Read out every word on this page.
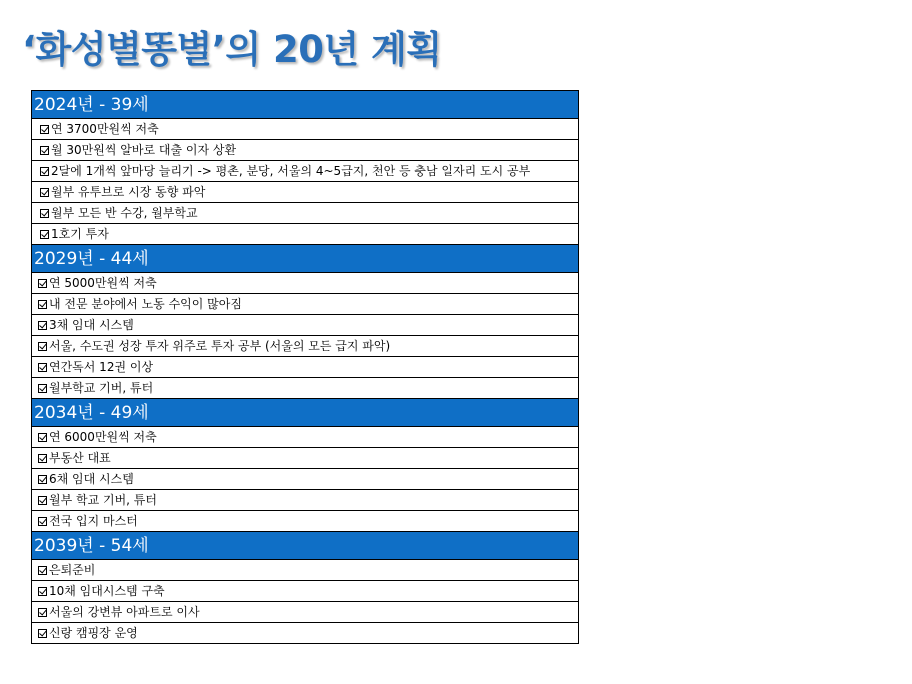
‘화성별똥별’의 20년 계획
2024년 - 39세
연 3700만원씩 저축
월 30만원씩 알바로 대출 이자 상환
2달에 1개씩 앞마당 늘리기 -> 평촌, 분당, 서울의 4~5급지, 천안 등 충남 일자리 도시 공부
월부 유투브로 시장 동향 파악
월부 모든 반 수강, 월부학교
1호기 투자
2029년 - 44세
연 5000만원씩 저축
내 전문 분야에서 노동 수익이 많아짐
3채 임대 시스템
서울, 수도권 성장 투자 위주로 투자 공부 (서울의 모든 급지 파악)
연간독서 12권 이상
월부학교 기버, 튜터
2034년 - 49세
연 6000만원씩 저축
부동산 대표
6채 임대 시스템
월부 학교 기버, 튜터
전국 입지 마스터
2039년 - 54세
은퇴준비
10채 임대시스템 구축
서울의 강변뷰 아파트로 이사
신랑 캠핑장 운영
